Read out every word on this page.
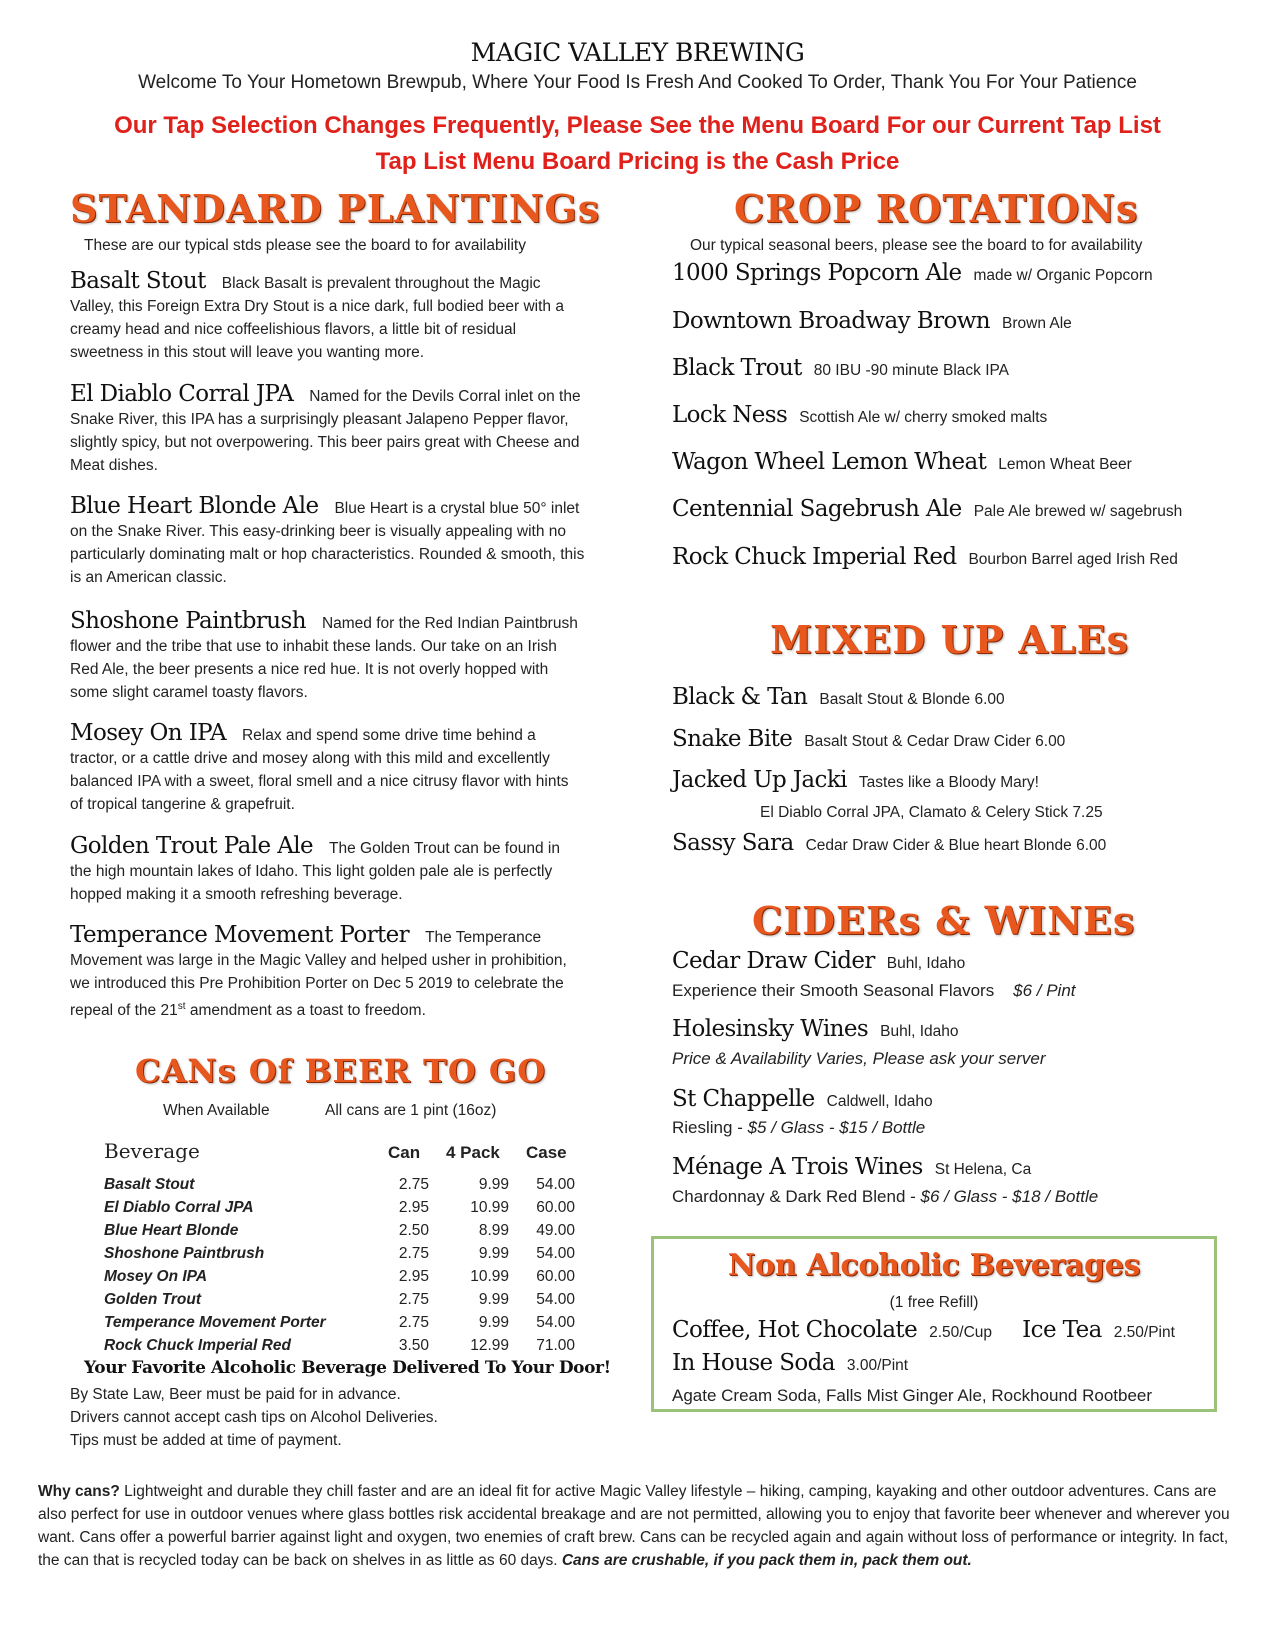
MAGIC VALLEY BREWING
Welcome To Your Hometown Brewpub, Where Your Food Is Fresh And Cooked To Order, Thank You For Your Patience
Our Tap Selection Changes Frequently, Please See the Menu Board For our Current Tap List
Tap List Menu Board Pricing is the Cash Price
STANDARD PLANTINGs
These are our typical stds please see the board to for availability
Basalt Stout Black Basalt is prevalent throughout the Magic Valley, this Foreign Extra Dry Stout is a nice dark, full bodied beer with a creamy head and nice coffeelishious flavors, a little bit of residual sweetness in this stout will leave you wanting more.
El Diablo Corral JPA Named for the Devils Corral inlet on the Snake River, this IPA has a surprisingly pleasant Jalapeno Pepper flavor, slightly spicy, but not overpowering. This beer pairs great with Cheese and Meat dishes.
Blue Heart Blonde Ale Blue Heart is a crystal blue 50° inlet on the Snake River. This easy-drinking beer is visually appealing with no particularly dominating malt or hop characteristics. Rounded & smooth, this is an American classic.
Shoshone Paintbrush Named for the Red Indian Paintbrush flower and the tribe that use to inhabit these lands. Our take on an Irish Red Ale, the beer presents a nice red hue. It is not overly hopped with some slight caramel toasty flavors.
Mosey On IPA Relax and spend some drive time behind a tractor, or a cattle drive and mosey along with this mild and excellently balanced IPA with a sweet, floral smell and a nice citrusy flavor with hints of tropical tangerine & grapefruit.
Golden Trout Pale Ale The Golden Trout can be found in the high mountain lakes of Idaho. This light golden pale ale is perfectly hopped making it a smooth refreshing beverage.
Temperance Movement Porter The Temperance Movement was large in the Magic Valley and helped usher in prohibition, we introduced this Pre Prohibition Porter on Dec 5 2019 to celebrate the repeal of the 21st amendment as a toast to freedom.
CANs Of BEER TO GO
When Available	All cans are 1 pint (16oz)
Beverage	Can 4 Pack Case
Basalt Stout	2.75	9.99	54.00
El Diablo Corral JPA	2.95	10.99	60.00
Blue Heart Blonde	2.50	8.99	49.00
Shoshone Paintbrush	2.75	9.99	54.00
Mosey On IPA	2.95	10.99	60.00
Golden Trout	2.75	9.99	54.00
Temperance Movement Porter	2.75	9.99	54.00
Rock Chuck Imperial Red	3.50	12.99	71.00
Your Favorite Alcoholic Beverage Delivered To Your Door!
By State Law, Beer must be paid for in advance.
Drivers cannot accept cash tips on Alcohol Deliveries.
Tips must be added at time of payment.
CROP ROTATIONs
Our typical seasonal beers, please see the board to for availability
1000 Springs Popcorn Ale made w/ Organic Popcorn
Downtown Broadway Brown Brown Ale
Black Trout 80 IBU -90 minute Black IPA
Lock Ness Scottish Ale w/ cherry smoked malts
Wagon Wheel Lemon Wheat Lemon Wheat Beer
Centennial Sagebrush Ale Pale Ale brewed w/ sagebrush
Rock Chuck Imperial Red Bourbon Barrel aged Irish Red
MIXED UP ALEs
Black & Tan Basalt Stout & Blonde 6.00
Snake Bite Basalt Stout & Cedar Draw Cider 6.00
Jacked Up Jacki Tastes like a Bloody Mary!
El Diablo Corral JPA, Clamato & Celery Stick 7.25
Sassy Sara Cedar Draw Cider & Blue heart Blonde 6.00
CIDERs & WINEs
Cedar Draw Cider Buhl, Idaho
Experience their Smooth Seasonal Flavors $6 / Pint
Holesinsky Wines Buhl, Idaho
Price & Availability Varies, Please ask your server
St Chappelle Caldwell, Idaho
Riesling - $5 / Glass - $15 / Bottle
Ménage A Trois Wines St Helena, Ca
Chardonnay & Dark Red Blend - $6 / Glass - $18 / Bottle
Non Alcoholic Beverages
(1 free Refill)
Coffee, Hot Chocolate 2.50/Cup Ice Tea 2.50/Pint
In House Soda 3.00/Pint
Agate Cream Soda, Falls Mist Ginger Ale, Rockhound Rootbeer
Why cans? Lightweight and durable they chill faster and are an ideal fit for active Magic Valley lifestyle – hiking, camping, kayaking and other outdoor adventures. Cans are also perfect for use in outdoor venues where glass bottles risk accidental breakage and are not permitted, allowing you to enjoy that favorite beer whenever and wherever you want. Cans offer a powerful barrier against light and oxygen, two enemies of craft brew. Cans can be recycled again and again without loss of performance or integrity. In fact, the can that is recycled today can be back on shelves in as little as 60 days. Cans are crushable, if you pack them in, pack them out.
